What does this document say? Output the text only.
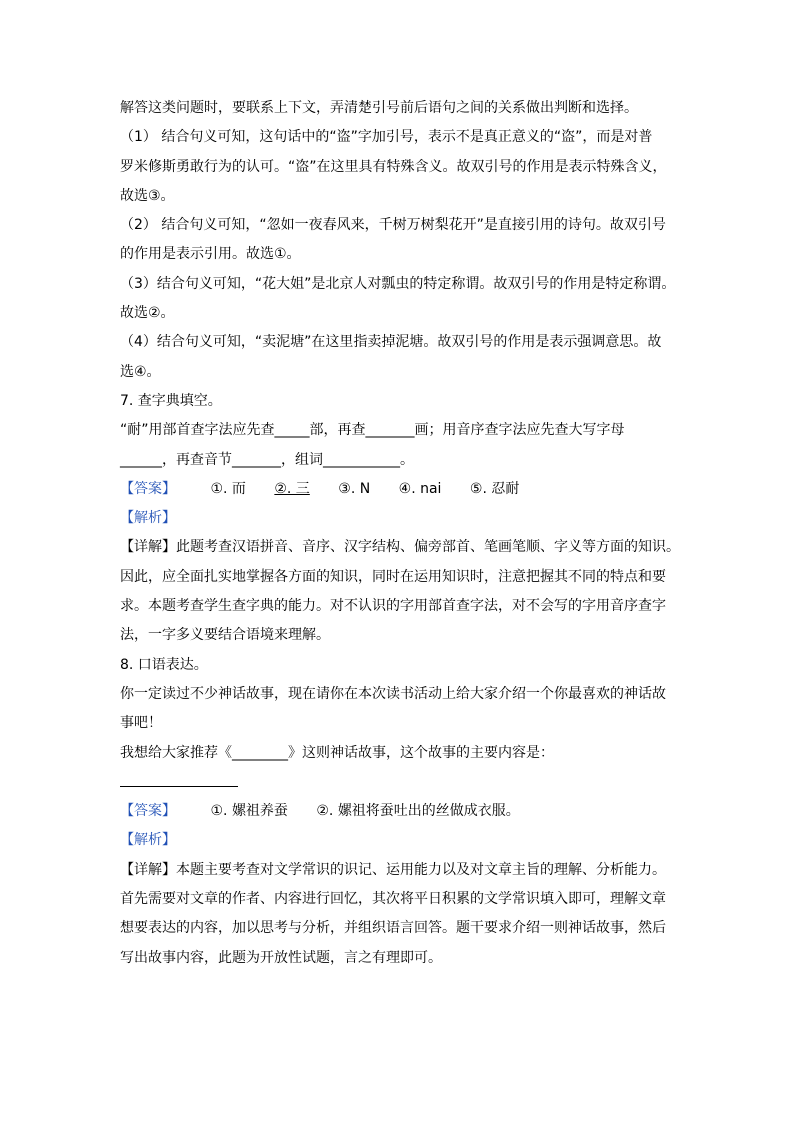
解答这类问题时，要联系上下文，弄清楚引号前后语句之间的关系做出判断和选择。
（1） 结合句义可知，这句话中的“盗”字加引号，表示不是真正意义的“盗”，而是对普
罗米修斯勇敢行为的认可。“盗”在这里具有特殊含义。故双引号的作用是表示特殊含义，
故选③。
（2） 结合句义可知，“忽如一夜春风来，千树万树梨花开”是直接引用的诗句。故双引号
的作用是表示引用。故选①。
（3）结合句义可知，“花大姐”是北京人对瓢虫的特定称谓。故双引号的作用是特定称谓。
故选②。
（4）结合句义可知，“卖泥塘”在这里指卖掉泥塘。故双引号的作用是表示强调意思。故
选④。
7. 查字典填空。
“耐”用部首查字法应先查_____部，再查_______画；用音序查字法应先查大写字母
______，再查音节_______，组词___________。
【答案】 ①. 而 ②. 三 ③. N ④. nai ⑤. 忍耐
【解析】
【详解】此题考查汉语拼音、音序、汉字结构、偏旁部首、笔画笔顺、字义等方面的知识。
因此，应全面扎实地掌握各方面的知识，同时在运用知识时，注意把握其不同的特点和要
求。本题考查学生查字典的能力。对不认识的字用部首查字法，对不会写的字用音序查字
法，一字多义要结合语境来理解。
8. 口语表达。
你一定读过不少神话故事，现在请你在本次读书活动上给大家介绍一个你最喜欢的神话故
事吧！
我想给大家推荐《________》这则神话故事，这个故事的主要内容是：
【答案】 ①. 嫘祖养蚕 ②. 嫘祖将蚕吐出的丝做成衣服。
【解析】
【详解】本题主要考查对文学常识的识记、运用能力以及对文章主旨的理解、分析能力。
首先需要对文章的作者、内容进行回忆，其次将平日积累的文学常识填入即可，理解文章
想要表达的内容，加以思考与分析，并组织语言回答。题干要求介绍一则神话故事，然后
写出故事内容，此题为开放性试题，言之有理即可。
